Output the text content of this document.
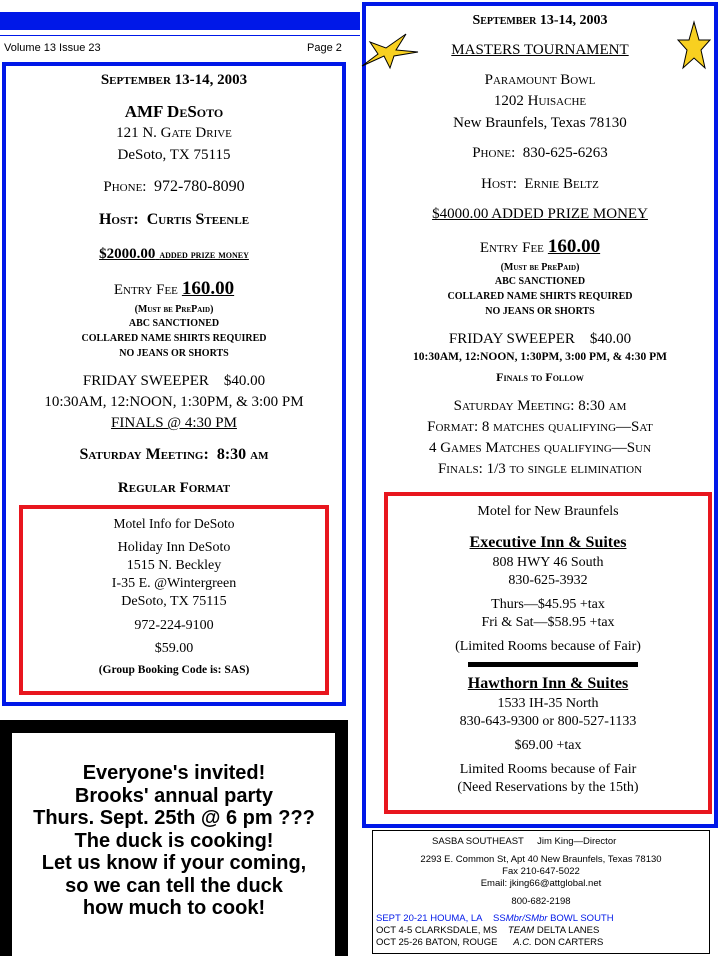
Volume 13 Issue 23	Page 2
September 13-14, 2003
AMF DeSoto
121 N. Gate Drive
DeSoto, TX 75115
Phone: 972-780-8090
Host: Curtis Steenle
$2000.00 added prize money
Entry Fee 160.00
(Must be PrePaid)
ABC SANCTIONED
COLLARED NAME SHIRTS REQUIRED
NO JEANS OR SHORTS
FRIDAY SWEEPER $40.00
10:30AM, 12:NOON, 1:30PM, & 3:00 PM
FINALS @ 4:30 PM
Saturday Meeting: 8:30 am
Regular Format
Motel Info for DeSoto
Holiday Inn DeSoto
1515 N. Beckley
I-35 E. @Wintergreen
DeSoto, TX 75115
972-224-9100
$59.00
(Group Booking Code is: SAS)
Everyone's invited!
Brooks' annual party
Thurs. Sept. 25th @ 6 pm ???
The duck is cooking!
Let us know if your coming,
so we can tell the duck
how much to cook!
September 13-14, 2003
MASTERS TOURNAMENT
Paramount Bowl
1202 Huisache
New Braunfels, Texas 78130
Phone: 830-625-6263
Host: Ernie Beltz
$4000.00 ADDED PRIZE MONEY
Entry Fee 160.00
(Must be PrePaid)
ABC SANCTIONED
COLLARED NAME SHIRTS REQUIRED
NO JEANS OR SHORTS
FRIDAY SWEEPER $40.00
10:30AM, 12:NOON, 1:30PM, 3:00 PM, & 4:30 PM
Finals to Follow
Saturday Meeting: 8:30 am
Format: 8 matches qualifying—Sat
4 Games Matches qualifying—Sun
Finals: 1/3 to single elimination
Motel for New Braunfels
Executive Inn & Suites
808 HWY 46 South
830-625-3932
Thurs—$45.95 +tax
Fri & Sat—$58.95 +tax
(Limited Rooms because of Fair)
Hawthorn Inn & Suites
1533 IH-35 North
830-643-9300 or 800-527-1133
$69.00 +tax
Limited Rooms because of Fair
(Need Reservations by the 15th)
SASBA SOUTHEAST Jim King—Director
2293 E. Common St, Apt 40 New Braunfels, Texas 78130
Fax 210-647-5022
Email: jking66@attglobal.net
800-682-2198
SEPT 20-21 HOUMA, LA SSMbr/SMbr BOWL SOUTH
OCT 4-5 CLARKSDALE, MS TEAM DELTA LANES
OCT 25-26 BATON, ROUGE A.C. DON CARTERS
